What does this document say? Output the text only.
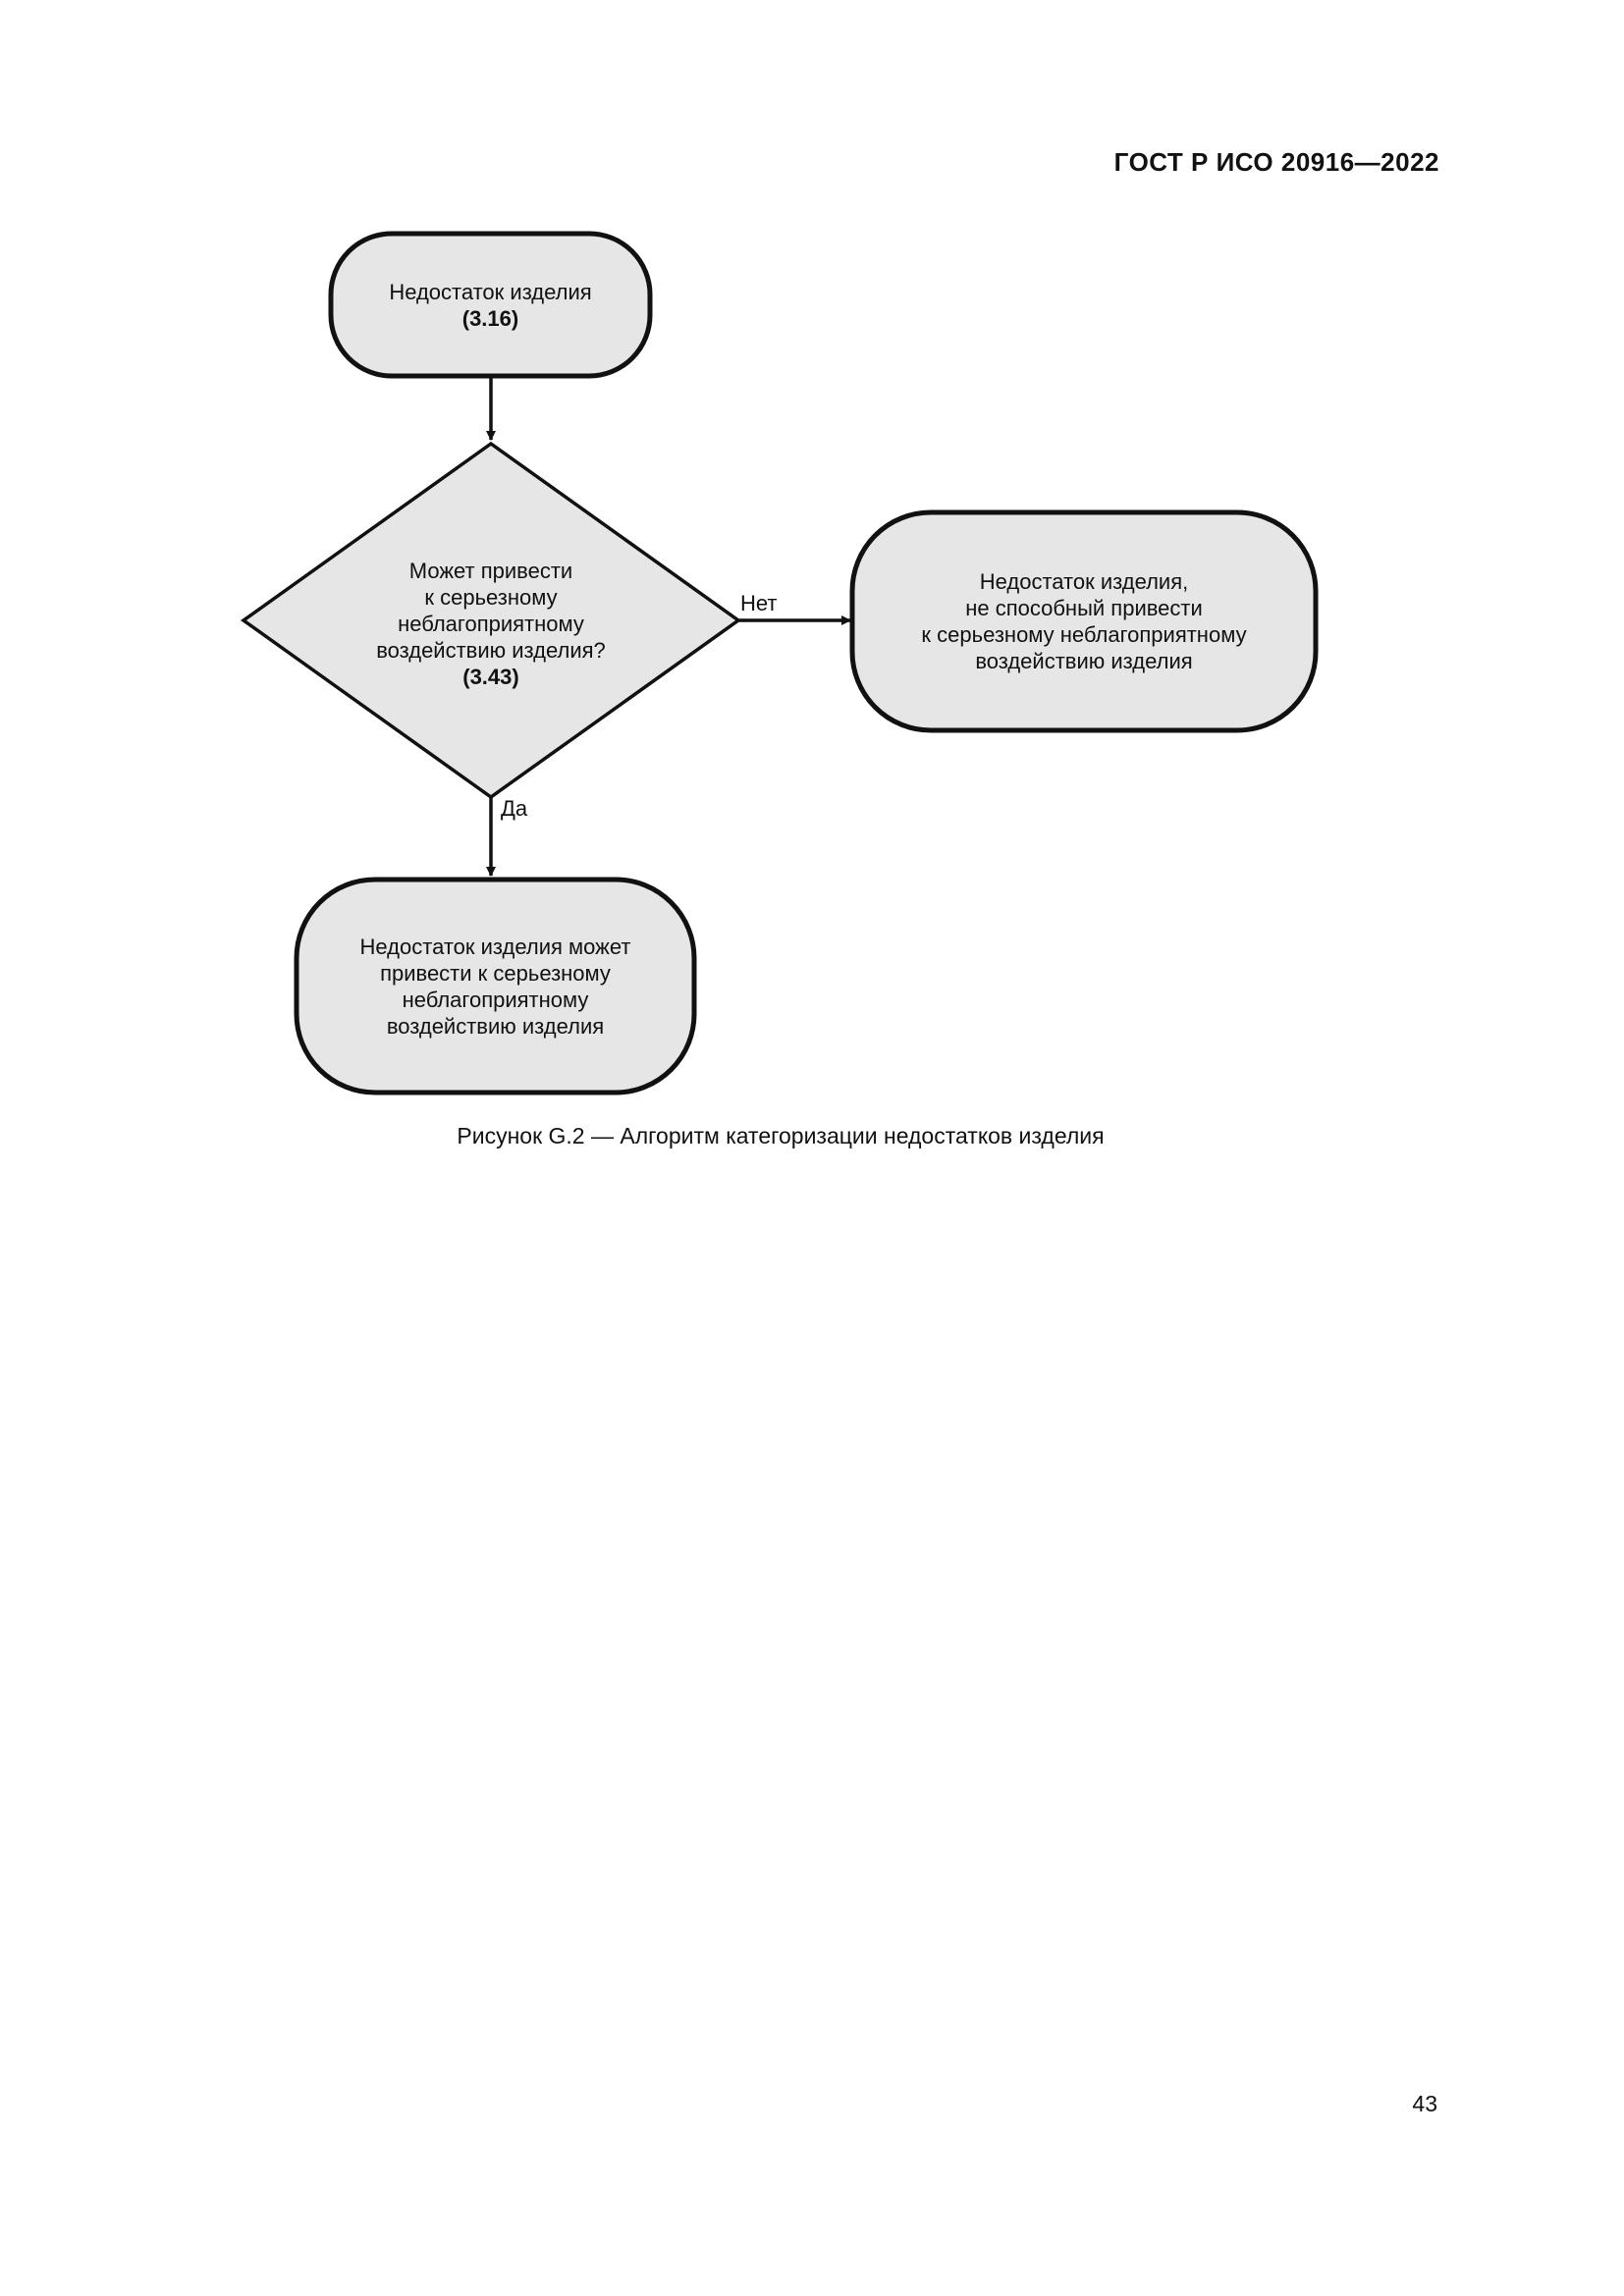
ГОСТ Р ИСО 20916—2022
Недостаток изделия
(3.16)
Может привести
к серьезному
неблагоприятному
воздействию изделия?
(3.43)
Недостаток изделия,
не способный привести
к серьезному неблагоприятному
воздействию изделия
Недостаток изделия может
привести к серьезному
неблагоприятному
воздействию изделия
Нет
Да
Рисунок G.2 — Алгоритм категоризации недостатков изделия
43
